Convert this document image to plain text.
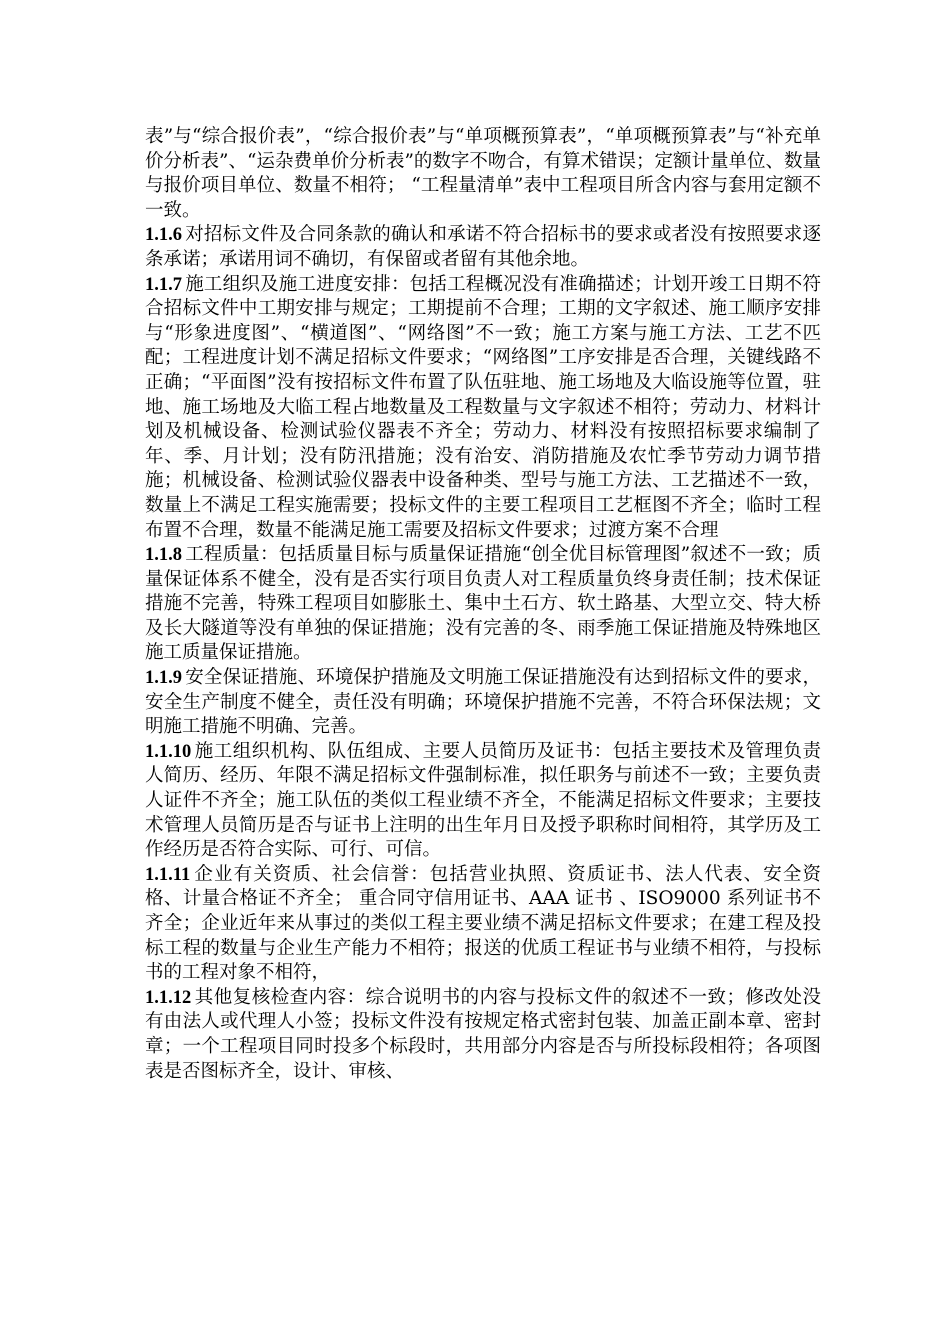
表”与“综合报价表”，“综合报价表”与“单项概预算表”，“单项概预算表”与“补充单价分析表”、“运杂费单价分析表”的数字不吻合，有算术错误；定额计量单位、数量与报价项目单位、数量不相符； “工程量清单”表中工程项目所含内容与套用定额不一致。

1.1.6 对招标文件及合同条款的确认和承诺不符合招标书的要求或者没有按照要求逐条承诺；承诺用词不确切，有保留或者留有其他余地。

1.1.7 施工组织及施工进度安排：包括工程概况没有准确描述；计划开竣工日期不符合招标文件中工期安排与规定；工期提前不合理；工期的文字叙述、施工顺序安排与“形象进度图”、“横道图”、“网络图”不一致；施工方案与施工方法、工艺不匹配；工程进度计划不满足招标文件要求；“网络图”工序安排是否合理，关键线路不正确；“平面图”没有按招标文件布置了队伍驻地、施工场地及大临设施等位置，驻地、施工场地及大临工程占地数量及工程数量与文字叙述不相符；劳动力、材料计划及机械设备、检测试验仪器表不齐全；劳动力、材料没有按照招标要求编制了年、季、月计划；没有防汛措施；没有治安、消防措施及农忙季节劳动力调节措施；机械设备、检测试验仪器表中设备种类、型号与施工方法、工艺描述不一致，数量上不满足工程实施需要；投标文件的主要工程项目工艺框图不齐全；临时工程布置不合理，数量不能满足施工需要及招标文件要求；过渡方案不合理

1.1.8 工程质量：包括质量目标与质量保证措施“创全优目标管理图”叙述不一致；质量保证体系不健全，没有是否实行项目负责人对工程质量负终身责任制；技术保证措施不完善，特殊工程项目如膨胀土、集中土石方、软土路基、大型立交、特大桥及长大隧道等没有单独的保证措施；没有完善的冬、雨季施工保证措施及特殊地区施工质量保证措施。

1.1.9 安全保证措施、环境保护措施及文明施工保证措施没有达到招标文件的要求，安全生产制度不健全，责任没有明确；环境保护措施不完善，不符合环保法规；文明施工措施不明确、完善。

1.1.10 施工组织机构、队伍组成、主要人员简历及证书：包括主要技术及管理负责人简历、经历、年限不满足招标文件强制标准，拟任职务与前述不一致；主要负责人证件不齐全；施工队伍的类似工程业绩不齐全，不能满足招标文件要求；主要技术管理人员简历是否与证书上注明的出生年月日及授予职称时间相符，其学历及工作经历是否符合实际、可行、可信。

1.1.11 企业有关资质、社会信誉：包括营业执照、资质证书、法人代表、安全资格、计量合格证不齐全； 重合同守信用证书、AAA 证书 、ISO9000 系列证书不齐全；企业近年来从事过的类似工程主要业绩不满足招标文件要求；在建工程及投标工程的数量与企业生产能力不相符；报送的优质工程证书与业绩不相符，与投标书的工程对象不相符，

1.1.12 其他复核检查内容：综合说明书的内容与投标文件的叙述不一致；修改处没有由法人或代理人小签；投标文件没有按规定格式密封包装、加盖正副本章、密封章；一个工程项目同时投多个标段时，共用部分内容是否与所投标段相符；各项图表是否图标齐全，设计、审核、
